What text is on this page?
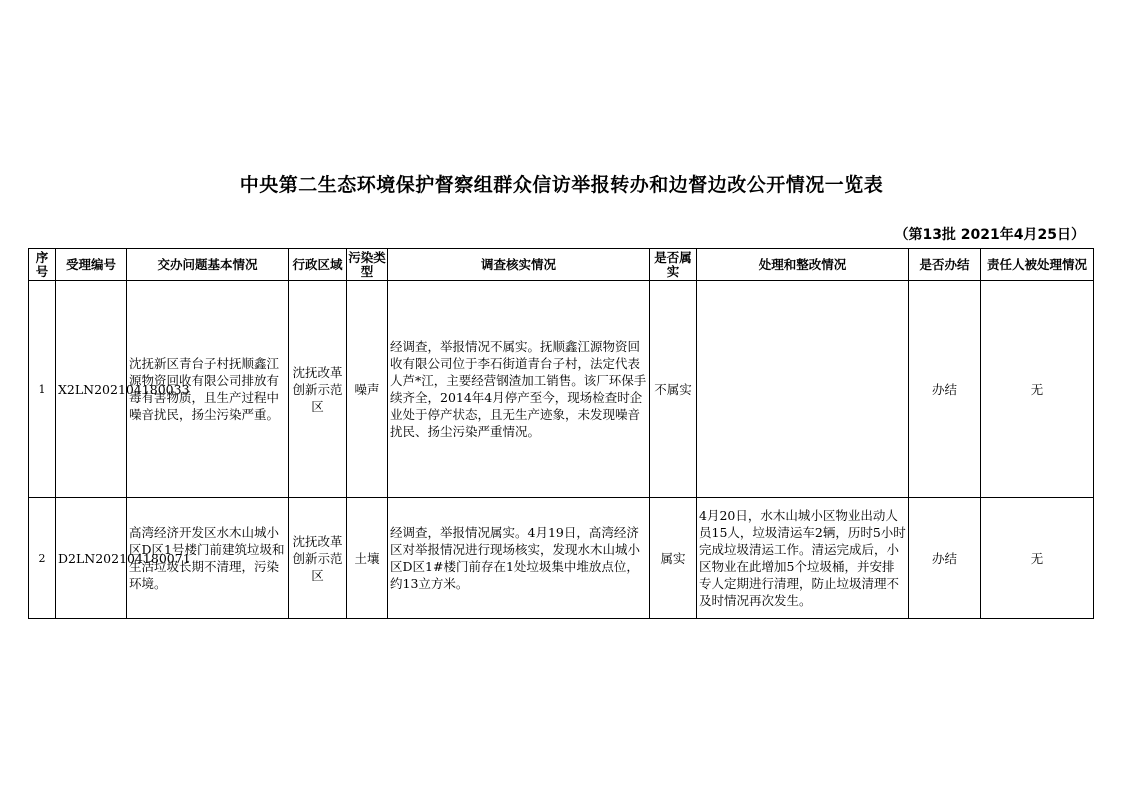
中央第二生态环境保护督察组群众信访举报转办和边督边改公开情况一览表
（第13批 2021年4月25日）
序号	受理编号	交办问题基本情况	行政区域	污染类型	调查核实情况	是否属实	处理和整改情况	是否办结	责任人被处理情况
1	X2LN202104180033	沈抚新区青台子村抚顺鑫江源物资回收有限公司排放有毒有害物质，且生产过程中噪音扰民，扬尘污染严重。	沈抚改革创新示范区	噪声	经调查，举报情况不属实。抚顺鑫江源物资回收有限公司位于李石街道青台子村，法定代表人芦*江，主要经营钢渣加工销售。该厂环保手续齐全，2014年4月停产至今，现场检查时企业处于停产状态，且无生产迹象，未发现噪音扰民、扬尘污染严重情况。	不属实		办结	无
2	D2LN202104180071	高湾经济开发区水木山城小区D区1号楼门前建筑垃圾和生活垃圾长期不清理，污染环境。	沈抚改革创新示范区	土壤	经调查，举报情况属实。4月19日，高湾经济区对举报情况进行现场核实，发现水木山城小区D区1#楼门前存在1处垃圾集中堆放点位，约13立方米。	属实	4月20日，水木山城小区物业出动人员15人，垃圾清运车2辆，历时5小时完成垃圾清运工作。清运完成后，小区物业在此增加5个垃圾桶，并安排专人定期进行清理，防止垃圾清理不及时情况再次发生。	办结	无
